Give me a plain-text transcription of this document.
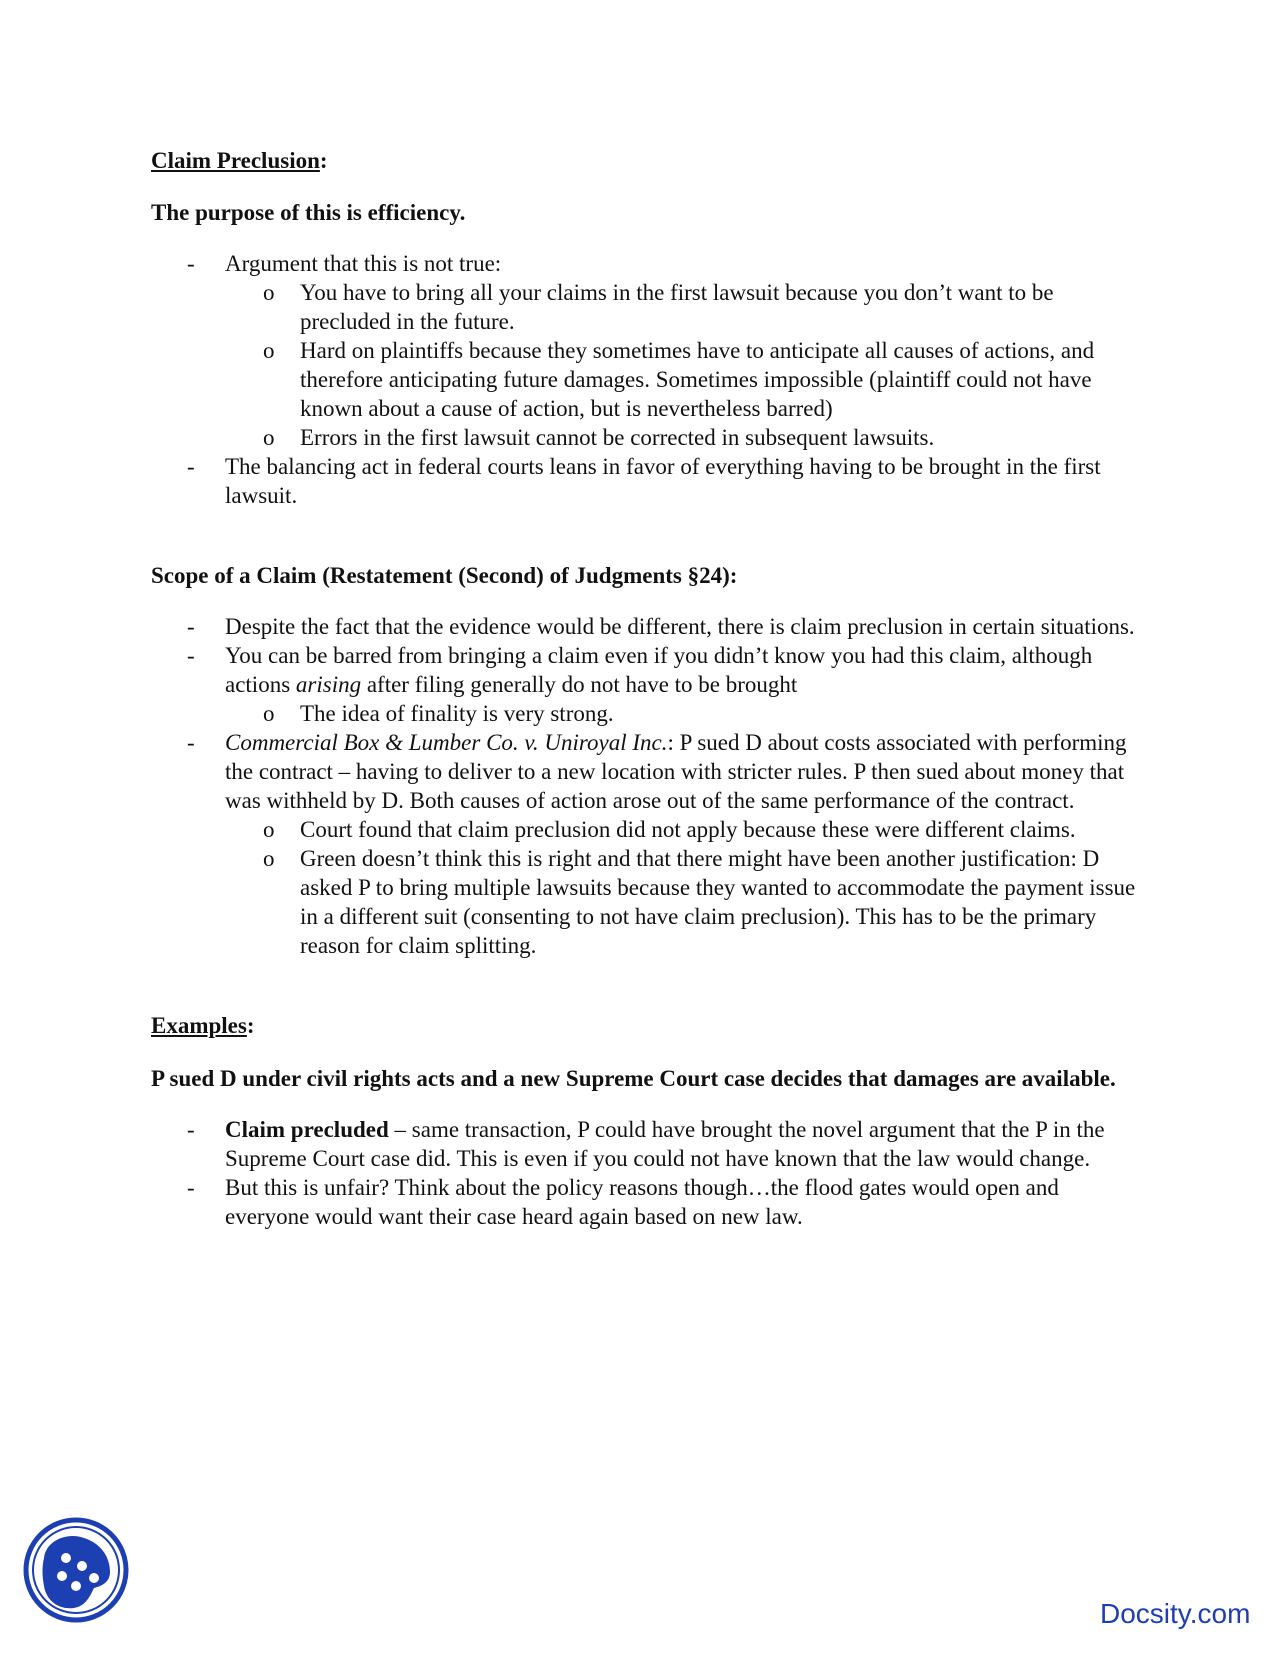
Claim Preclusion:

The purpose of this is efficiency.

- Argument that this is not true:
o You have to bring all your claims in the first lawsuit because you don’t want to be precluded in the future.
o Hard on plaintiffs because they sometimes have to anticipate all causes of actions, and therefore anticipating future damages. Sometimes impossible (plaintiff could not have known about a cause of action, but is nevertheless barred)
o Errors in the first lawsuit cannot be corrected in subsequent lawsuits.
- The balancing act in federal courts leans in favor of everything having to be brought in the first lawsuit.

Scope of a Claim (Restatement (Second) of Judgments §24):

- Despite the fact that the evidence would be different, there is claim preclusion in certain situations.
- You can be barred from bringing a claim even if you didn’t know you had this claim, although actions arising after filing generally do not have to be brought
o The idea of finality is very strong.
- Commercial Box & Lumber Co. v. Uniroyal Inc.: P sued D about costs associated with performing the contract – having to deliver to a new location with stricter rules. P then sued about money that was withheld by D. Both causes of action arose out of the same performance of the contract.
o Court found that claim preclusion did not apply because these were different claims.
o Green doesn’t think this is right and that there might have been another justification: D asked P to bring multiple lawsuits because they wanted to accommodate the payment issue in a different suit (consenting to not have claim preclusion). This has to be the primary reason for claim splitting.

Examples:

P sued D under civil rights acts and a new Supreme Court case decides that damages are available.

- Claim precluded – same transaction, P could have brought the novel argument that the P in the Supreme Court case did. This is even if you could not have known that the law would change.
- But this is unfair? Think about the policy reasons though…the flood gates would open and everyone would want their case heard again based on new law.
Docsity.com
